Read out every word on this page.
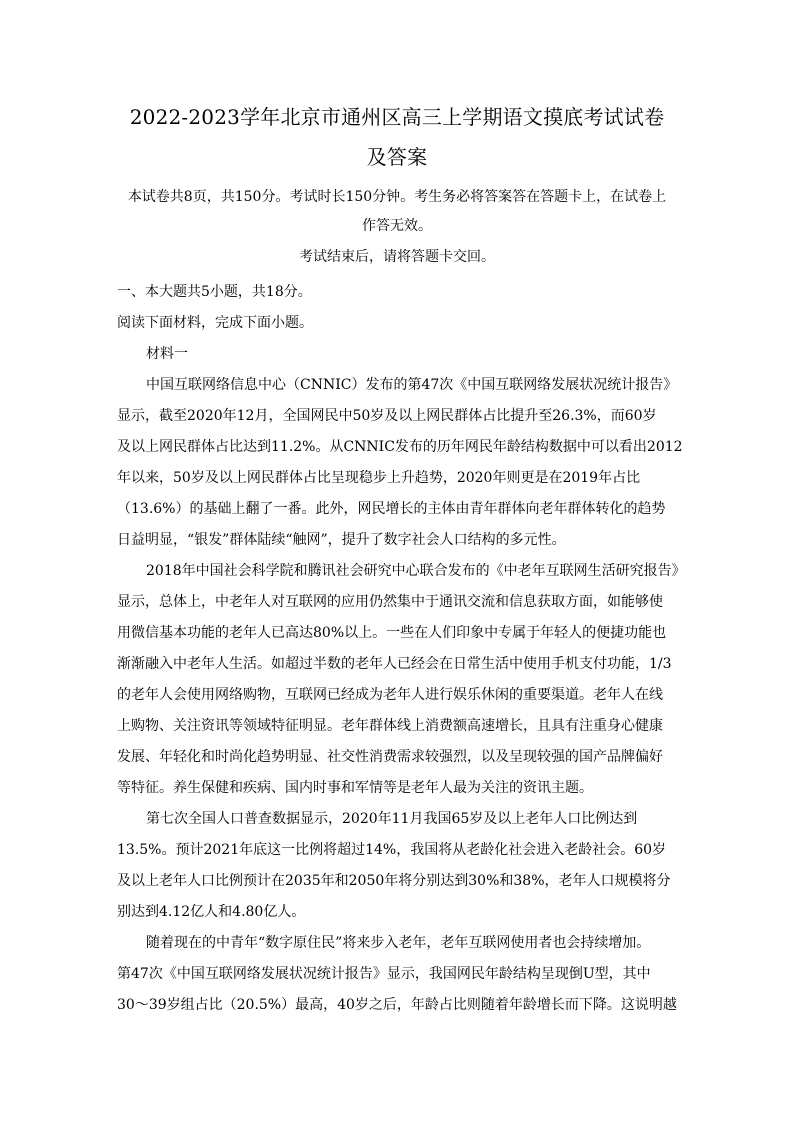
2022-2023学年北京市通州区高三上学期语文摸底考试试卷
及答案
本试卷共8页，共150分。考试时长150分钟。考生务必将答案答在答题卡上，在试卷上
作答无效。
考试结束后，请将答题卡交回。
一、本大题共5小题，共18分。
阅读下面材料，完成下面小题。
材料一
中国互联网络信息中心（CNNIC）发布的第47次《中国互联网络发展状况统计报告》
显示，截至2020年12月，全国网民中50岁及以上网民群体占比提升至26.3%，而60岁
及以上网民群体占比达到11.2%。从CNNIC发布的历年网民年龄结构数据中可以看出2012
年以来，50岁及以上网民群体占比呈现稳步上升趋势，2020年则更是在2019年占比
（13.6%）的基础上翻了一番。此外，网民增长的主体由青年群体向老年群体转化的趋势
日益明显，“银发”群体陆续“触网”，提升了数字社会人口结构的多元性。
2018年中国社会科学院和腾讯社会研究中心联合发布的《中老年互联网生活研究报告》
显示，总体上，中老年人对互联网的应用仍然集中于通讯交流和信息获取方面，如能够使
用微信基本功能的老年人已高达80%以上。一些在人们印象中专属于年轻人的便捷功能也
渐渐融入中老年人生活。如超过半数的老年人已经会在日常生活中使用手机支付功能，1/3
的老年人会使用网络购物，互联网已经成为老年人进行娱乐休闲的重要渠道。老年人在线
上购物、关注资讯等领域特征明显。老年群体线上消费额高速增长，且具有注重身心健康
发展、年轻化和时尚化趋势明显、社交性消费需求较强烈，以及呈现较强的国产品牌偏好
等特征。养生保健和疾病、国内时事和军情等是老年人最为关注的资讯主题。
第七次全国人口普查数据显示，2020年11月我国65岁及以上老年人口比例达到
13.5%。预计2021年底这一比例将超过14%，我国将从老龄化社会进入老龄社会。60岁
及以上老年人口比例预计在2035年和2050年将分别达到30%和38%，老年人口规模将分
别达到4.12亿人和4.80亿人。
随着现在的中青年“数字原住民”将来步入老年，老年互联网使用者也会持续增加。
第47次《中国互联网络发展状况统计报告》显示，我国网民年龄结构呈现倒U型，其中
30～39岁组占比（20.5%）最高，40岁之后，年龄占比则随着年龄增长而下降。这说明越
